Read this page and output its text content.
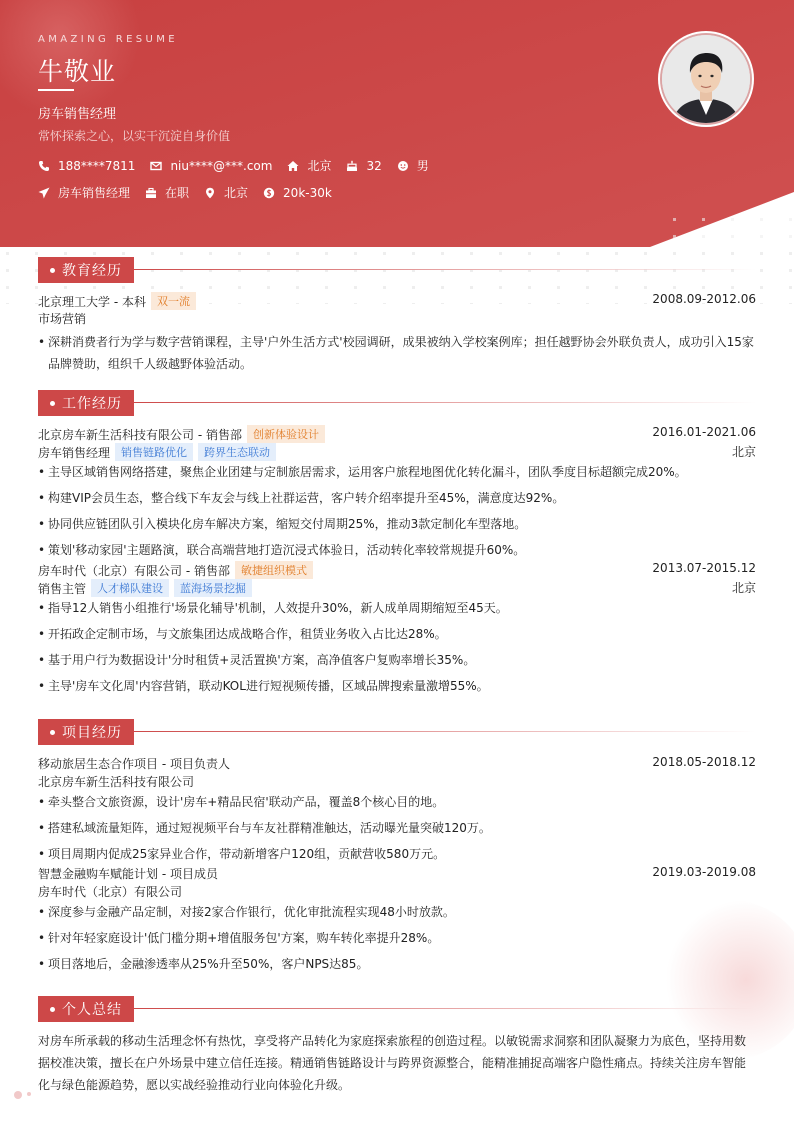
AMAZING RESUME
牛敬业
房车销售经理
常怀探索之心，以实干沉淀自身价值
188****7811	niu****@***.com	北京	32	男
房车销售经理	在职	北京	20k-30k
教育经历
北京理工大学 - 本科	双一流	2008.09-2012.06
市场营销
• 深耕消费者行为学与数字营销课程，主导'户外生活方式'校园调研，成果被纳入学校案例库；担任越野协会外联负责人，成功引入15家品牌赞助，组织千人级越野体验活动。
工作经历
北京房车新生活科技有限公司 - 销售部	创新体验设计	2016.01-2021.06
房车销售经理	销售链路优化	跨界生态联动	北京
• 主导区域销售网络搭建，聚焦企业团建与定制旅居需求，运用客户旅程地图优化转化漏斗，团队季度目标超额完成20%。
• 构建VIP会员生态，整合线下车友会与线上社群运营，客户转介绍率提升至45%，满意度达92%。
• 协同供应链团队引入模块化房车解决方案，缩短交付周期25%，推动3款定制化车型落地。
• 策划'移动家园'主题路演，联合高端营地打造沉浸式体验日，活动转化率较常规提升60%。
房车时代（北京）有限公司 - 销售部	敏捷组织模式	2013.07-2015.12
销售主管	人才梯队建设	蓝海场景挖掘	北京
• 指导12人销售小组推行'场景化辅导'机制，人效提升30%，新人成单周期缩短至45天。
• 开拓政企定制市场，与文旅集团达成战略合作，租赁业务收入占比达28%。
• 基于用户行为数据设计'分时租赁+灵活置换'方案，高净值客户复购率增长35%。
• 主导'房车文化周'内容营销，联动KOL进行短视频传播，区域品牌搜索量激增55%。
项目经历
移动旅居生态合作项目 - 项目负责人	2018.05-2018.12
北京房车新生活科技有限公司
• 牵头整合文旅资源，设计'房车+精品民宿'联动产品，覆盖8个核心目的地。
• 搭建私域流量矩阵，通过短视频平台与车友社群精准触达，活动曝光量突破120万。
• 项目周期内促成25家异业合作，带动新增客户120组，贡献营收580万元。
智慧金融购车赋能计划 - 项目成员	2019.03-2019.08
房车时代（北京）有限公司
• 深度参与金融产品定制，对接2家合作银行，优化审批流程实现48小时放款。
• 针对年轻家庭设计'低门槛分期+增值服务包'方案，购车转化率提升28%。
• 项目落地后，金融渗透率从25%升至50%，客户NPS达85。
个人总结
对房车所承载的移动生活理念怀有热忱，享受将产品转化为家庭探索旅程的创造过程。以敏锐需求洞察和团队凝聚力为底色，坚持用数据校准决策，擅长在户外场景中建立信任连接。精通销售链路设计与跨界资源整合，能精准捕捉高端客户隐性痛点。持续关注房车智能化与绿色能源趋势，愿以实战经验推动行业向体验化升级。
